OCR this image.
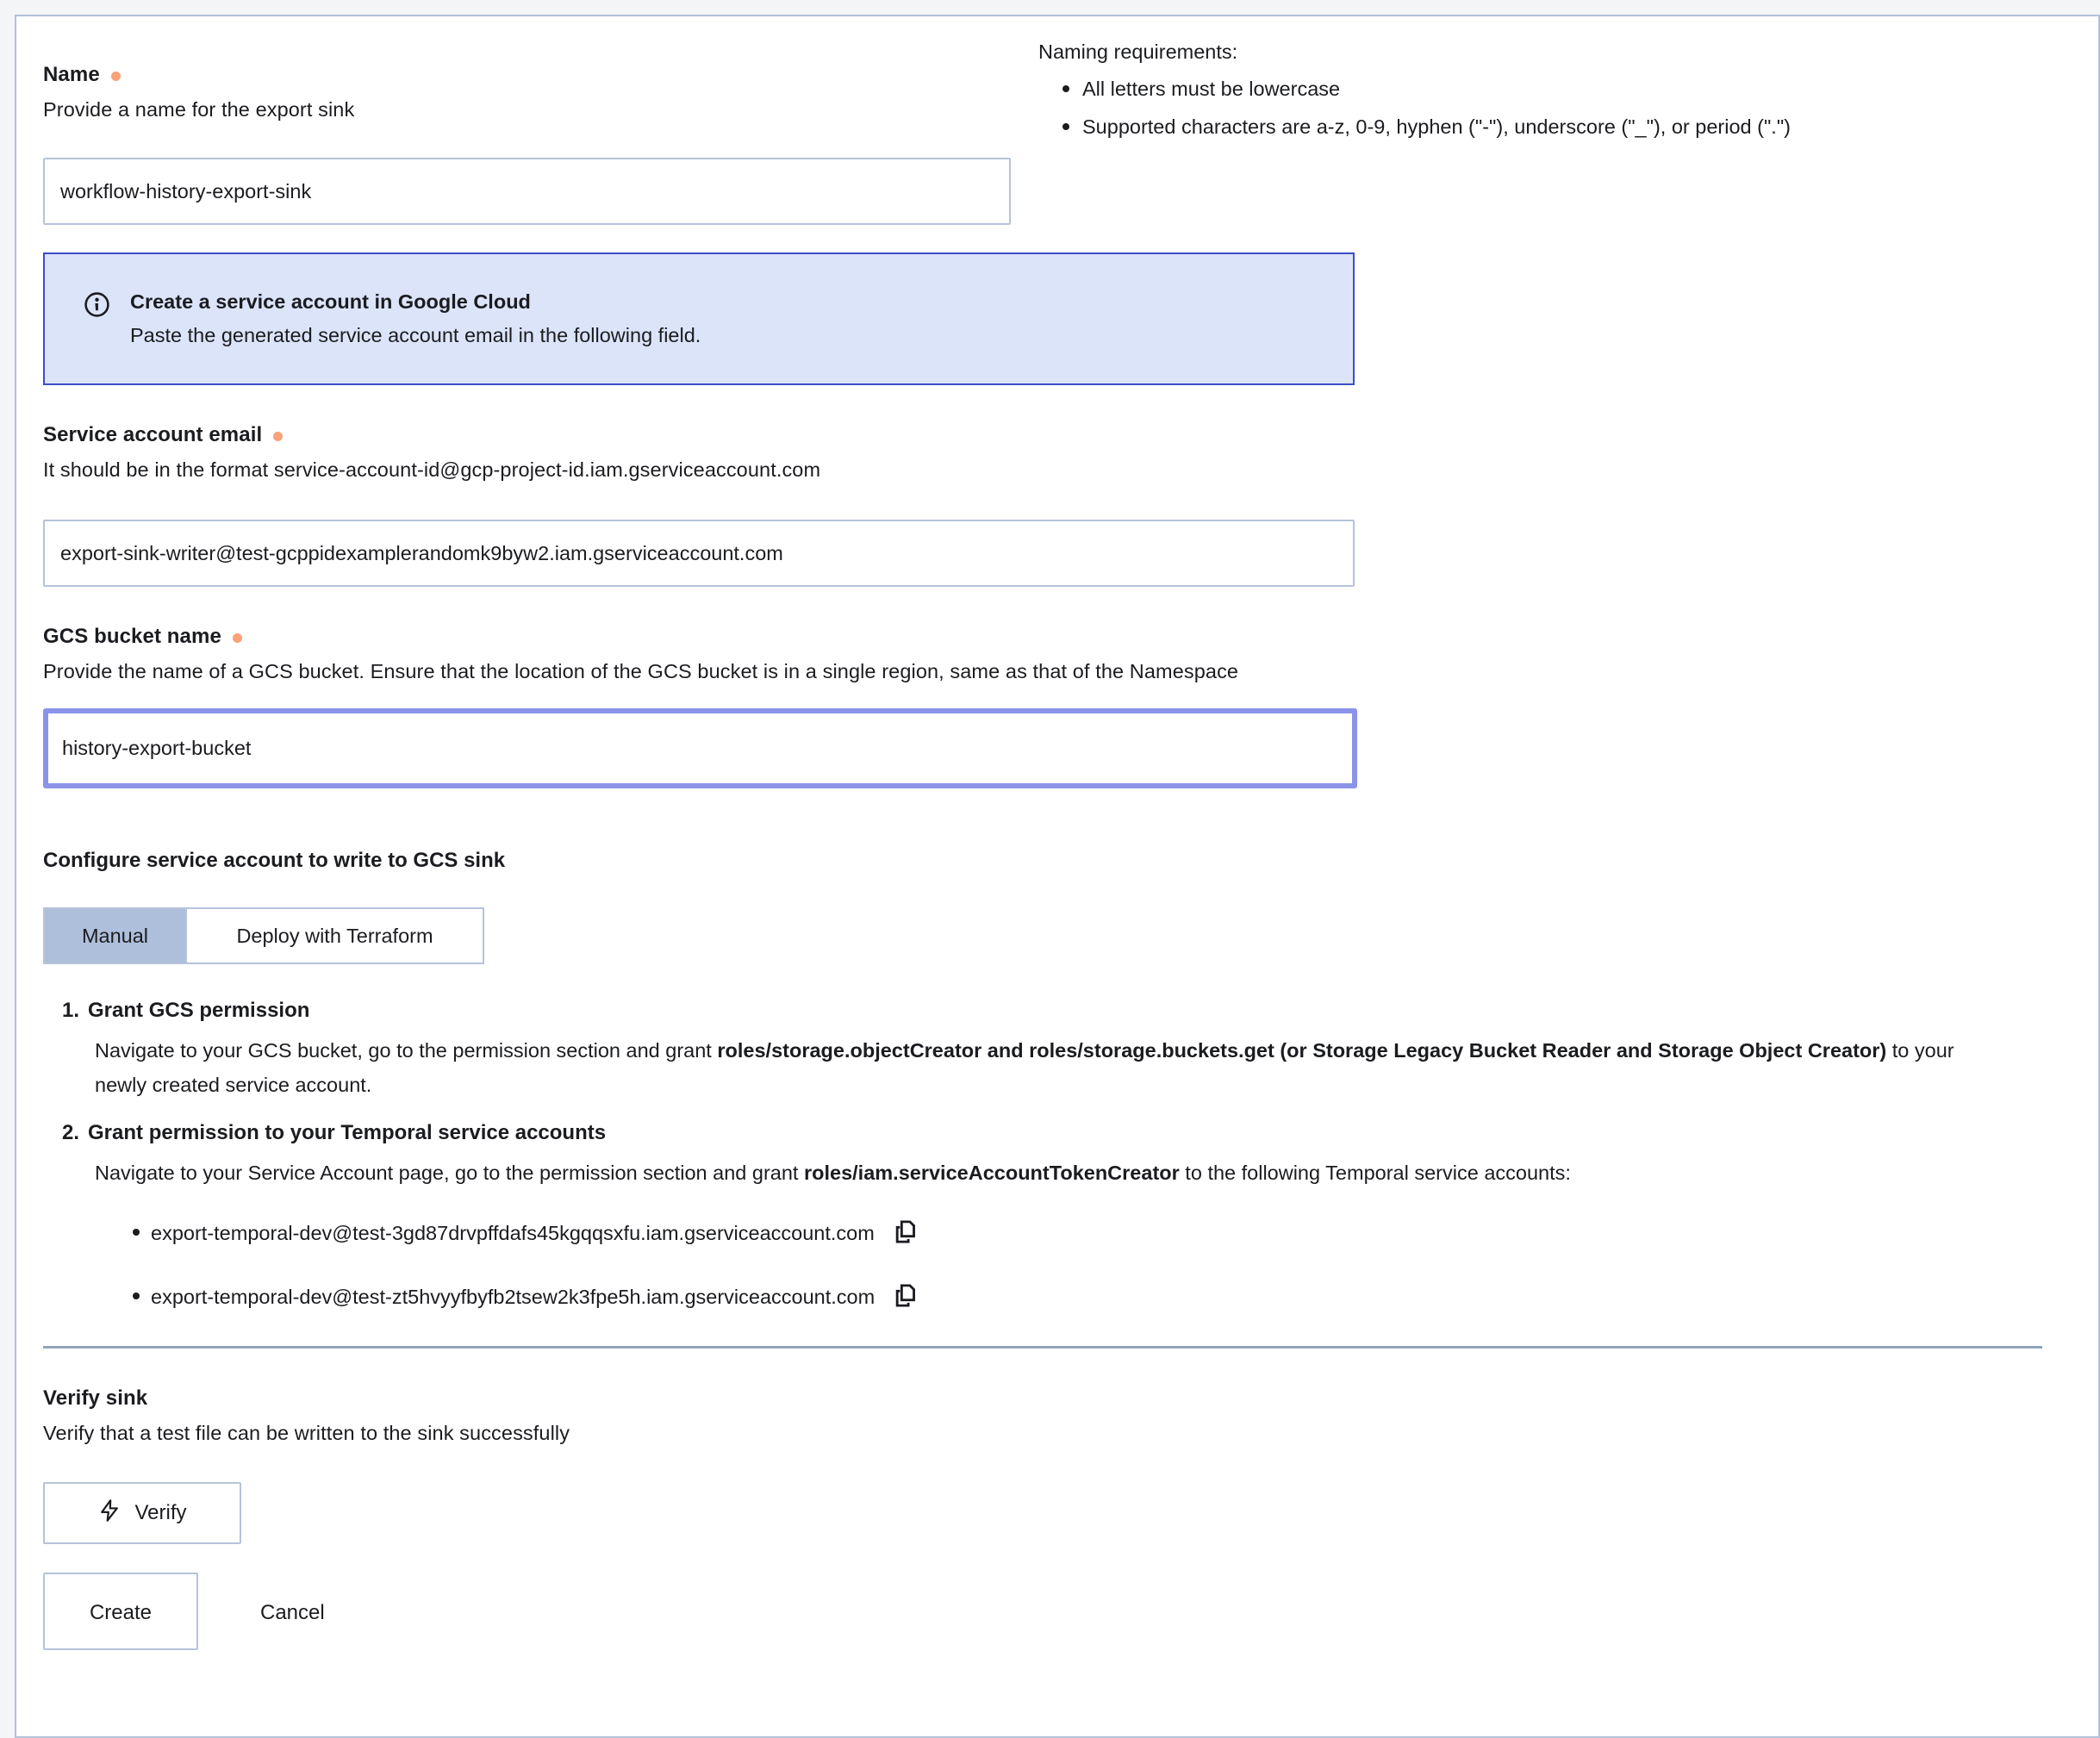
Name
Provide a name for the export sink
workflow-history-export-sink
Naming requirements:
All letters must be lowercase
Supported characters are a-z, 0-9, hyphen ("-"), underscore ("_"), or period (".")
Create a service account in Google Cloud
Paste the generated service account email in the following field.
Service account email
It should be in the format service-account-id@gcp-project-id.iam.gserviceaccount.com
export-sink-writer@test-gcppidexamplerandomk9byw2.iam.gserviceaccount.com
GCS bucket name
Provide the name of a GCS bucket. Ensure that the location of the GCS bucket is in a single region, same as that of the Namespace
history-export-bucket
Configure service account to write to GCS sink
Manual	Deploy with Terraform
1. Grant GCS permission
Navigate to your GCS bucket, go to the permission section and grant roles/storage.objectCreator and roles/storage.buckets.get (or Storage Legacy Bucket Reader and Storage Object Creator) to your newly created service account.
2. Grant permission to your Temporal service accounts
Navigate to your Service Account page, go to the permission section and grant roles/iam.serviceAccountTokenCreator to the following Temporal service accounts:
export-temporal-dev@test-3gd87drvpffdafs45kgqqsxfu.iam.gserviceaccount.com
export-temporal-dev@test-zt5hvyyfbyfb2tsew2k3fpe5h.iam.gserviceaccount.com
Verify sink
Verify that a test file can be written to the sink successfully
Verify
Create	Cancel
